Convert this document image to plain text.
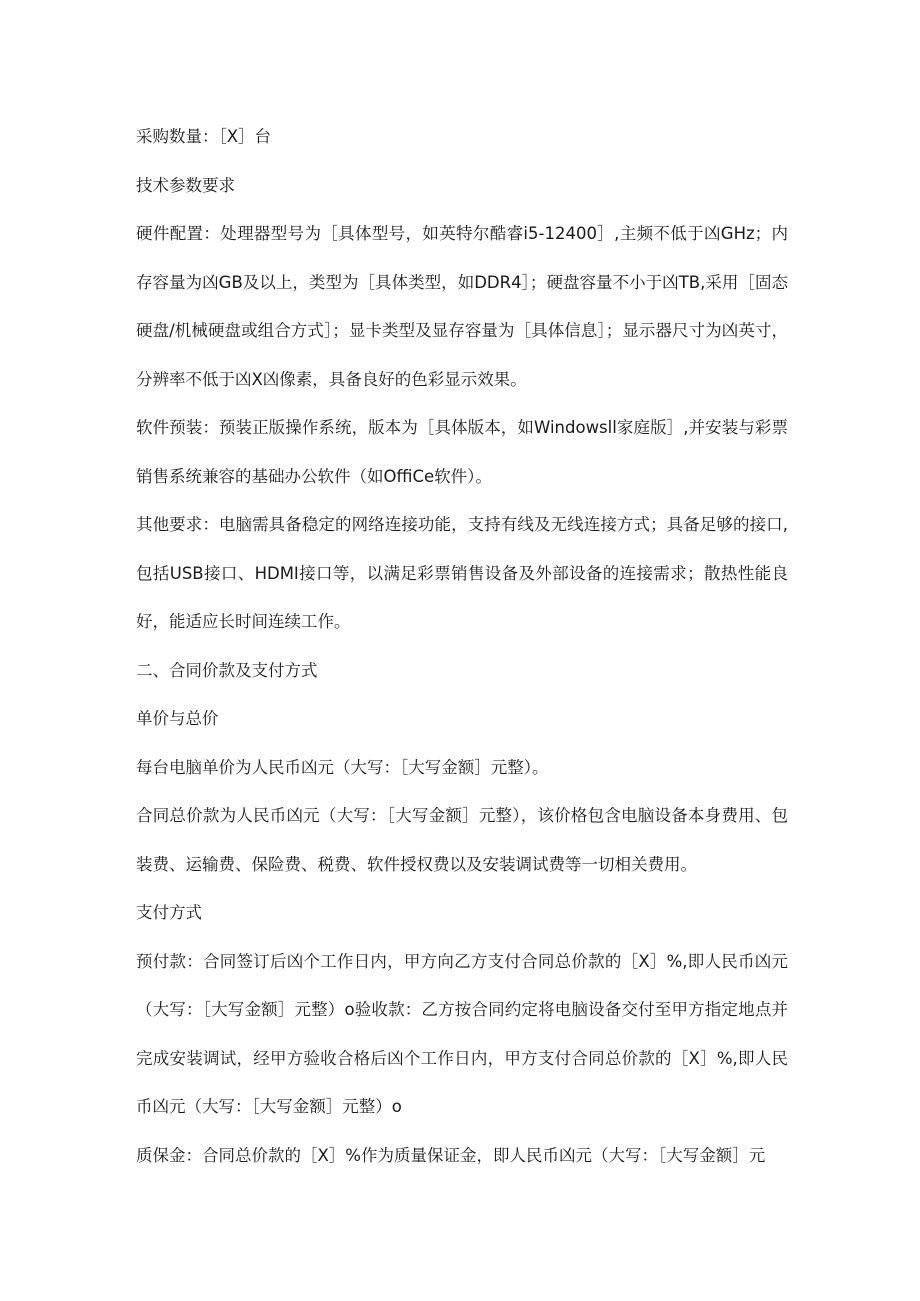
采购数量：［X］台

技术参数要求

硬件配置：处理器型号为［具体型号，如英特尔酷睿i5-12400］,主频不低于凶GHz；内存容量为凶GB及以上，类型为［具体类型，如DDR4］；硬盘容量不小于凶TB,采用［固态硬盘/机械硬盘或组合方式］；显卡类型及显存容量为［具体信息］；显示器尺寸为凶英寸，分辨率不低于凶X凶像素，具备良好的色彩显示效果。

软件预装：预装正版操作系统，版本为［具体版本，如Windowsll家庭版］,并安装与彩票销售系统兼容的基础办公软件（如OffiCe软件）。

其他要求：电脑需具备稳定的网络连接功能，支持有线及无线连接方式；具备足够的接口,包括USB接口、HDMI接口等，以满足彩票销售设备及外部设备的连接需求；散热性能良好，能适应长时间连续工作。

二、合同价款及支付方式

单价与总价

每台电脑单价为人民币凶元（大写：［大写金额］元整）。

合同总价款为人民币凶元（大写：［大写金额］元整），该价格包含电脑设备本身费用、包装费、运输费、保险费、税费、软件授权费以及安装调试费等一切相关费用。

支付方式

预付款：合同签订后凶个工作日内，甲方向乙方支付合同总价款的［X］%,即人民币凶元（大写：［大写金额］元整）o验收款：乙方按合同约定将电脑设备交付至甲方指定地点并完成安装调试，经甲方验收合格后凶个工作日内，甲方支付合同总价款的［X］%,即人民币凶元（大写：［大写金额］元整）o

质保金：合同总价款的［X］%作为质量保证金，即人民币凶元（大写：［大写金额］元
